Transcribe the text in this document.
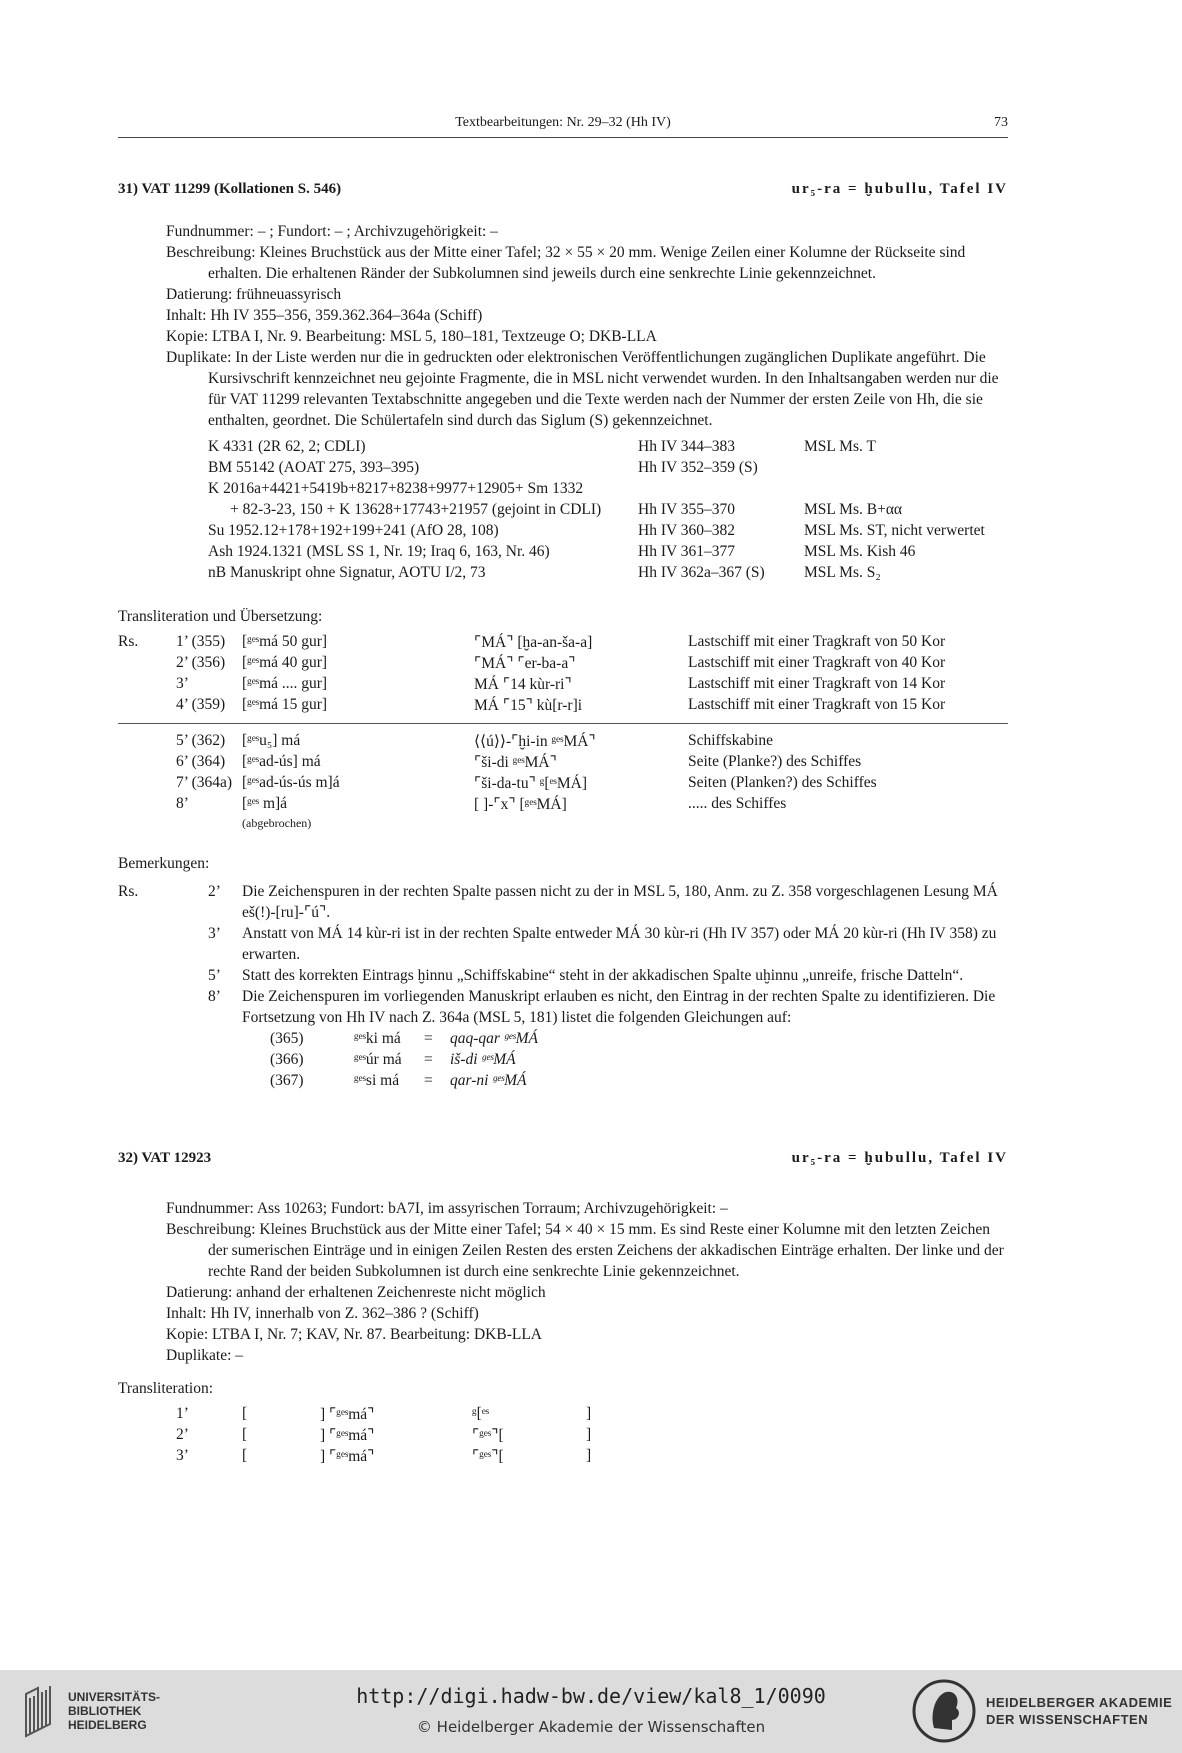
Textbearbeitungen: Nr. 29–32 (Hh IV)	73
31) VAT 11299 (Kollationen S. 546)	ur₅-ra = ḫubullu, Tafel IV

Fundnummer: – ; Fundort: – ; Archivzugehörigkeit: –

Beschreibung: Kleines Bruchstück aus der Mitte einer Tafel; 32 × 55 × 20 mm. Wenige Zeilen einer Kolumne der Rückseite sind erhalten. Die erhaltenen Ränder der Subkolumnen sind jeweils durch eine senkrechte Linie gekennzeichnet.

Datierung: frühneuassyrisch

Inhalt: Hh IV 355–356, 359.362.364–364a (Schiff)

Kopie: LTBA I, Nr. 9. Bearbeitung: MSL 5, 180–181, Textzeuge O; DKB-LLA

Duplikate: In der Liste werden nur die in gedruckten oder elektronischen Veröffentlichungen zugänglichen Duplikate angeführt. Die Kursivschrift kennzeichnet neu gejointe Fragmente, die in MSL nicht verwendet wurden. In den Inhaltsangaben werden nur die für VAT 11299 relevanten Textabschnitte angegeben und die Texte werden nach der Nummer der ersten Zeile von Hh, die sie enthalten, geordnet. Die Schülertafeln sind durch das Siglum (S) gekennzeichnet.

K 4331 (2R 62, 2; CDLI)	Hh IV 344–383	MSL Ms. T
BM 55142 (AOAT 275, 393–395)	Hh IV 352–359 (S)
K 2016a+4421+5419b+8217+8238+9977+12905+ Sm 1332
+ 82-3-23, 150 + K 13628+17743+21957 (gejoint in CDLI) Hh IV 355–370	MSL Ms. B+αα
Su 1952.12+178+192+199+241 (AfO 28, 108)	Hh IV 360–382	MSL Ms. ST, nicht verwertet
Ash 1924.1321 (MSL SS 1, Nr. 19; Iraq 6, 163, Nr. 46)	Hh IV 361–377	MSL Ms. Kish 46
nB Manuskript ohne Signatur, AOTU I/2, 73	Hh IV 362a–367 (S)	MSL Ms. S₂
Transliteration und Übersetzung:
Rs. 1’ (355) [ᵍᵉˢmá 50 gur]	⌜MÁ⌝ [ḫa-an-ša-a]	Lastschiff mit einer Tragkraft von 50 Kor
2’ (356) [ᵍᵉˢmá 40 gur]	⌜MÁ⌝ ⌜er-ba-a⌝	Lastschiff mit einer Tragkraft von 40 Kor
3’	[ᵍᵉˢmá .... gur]	MÁ ⌜14 kùr-ri⌝	Lastschiff mit einer Tragkraft von 14 Kor
4’ (359) [ᵍᵉˢmá 15 gur]	MÁ ⌜15⌝ kù[r-r]i	Lastschiff mit einer Tragkraft von 15 Kor
5’ (362) [ᵍᵉˢu₅] má	⟨⟨ú⟩⟩-⌜ḫi-in ᵍᵉˢMÁ⌝	Schiffskabine
6’ (364) [ᵍᵉˢad-ús] má	⌜ši-di ᵍᵉˢMÁ⌝	Seite (Planke?) des Schiffes
7’ (364a) [ᵍᵉˢad-ús-ús m]á	⌜ši-da-tu⌝ ᵍ[ᵉˢMÁ]	Seiten (Planken?) des Schiffes
8’	[ᵍᵉˢ m]á	[ ]-⌜x⌝ [ᵍᵉˢMÁ]	..... des Schiffes
(abgebrochen)
Bemerkungen:
Rs.	2’ Die Zeichenspuren in der rechten Spalte passen nicht zu der in MSL 5, 180, Anm. zu Z. 358 vorgeschlagenen Lesung MÁ eš(!)-[ru]-⌜ú⌝.
3’ Anstatt von MÁ 14 kùr-ri ist in der rechten Spalte entweder MÁ 30 kùr-ri (Hh IV 357) oder MÁ 20 kùr-ri (Hh IV 358) zu erwarten.
5’ Statt des korrekten Eintrags ḫinnu „Schiffskabine“ steht in der akkadischen Spalte uḫinnu „unreife, frische Datteln“.
8’ Die Zeichenspuren im vorliegenden Manuskript erlauben es nicht, den Eintrag in der rechten Spalte zu identifizieren. Die Fortsetzung von Hh IV nach Z. 364a (MSL 5, 181) listet die folgenden Gleichungen auf:
(365)	ᵍᵉˢki má = qaq-qar ᵍᵉˢMÁ
(366)	ᵍᵉˢúr má = iš-di ᵍᵉˢMÁ
(367)	ᵍᵉˢsi má = qar-ni ᵍᵉˢMÁ
32) VAT 12923	ur₅-ra = ḫubullu, Tafel IV

Fundnummer: Ass 10263; Fundort: bA7I, im assyrischen Torraum; Archivzugehörigkeit: –

Beschreibung: Kleines Bruchstück aus der Mitte einer Tafel; 54 × 40 × 15 mm. Es sind Reste einer Kolumne mit den letzten Zeichen der sumerischen Einträge und in einigen Zeilen Resten des ersten Zeichens der akkadischen Einträge erhalten. Der linke und der rechte Rand der beiden Subkolumnen ist durch eine senkrechte Linie gekennzeichnet.

Datierung: anhand der erhaltenen Zeichenreste nicht möglich

Inhalt: Hh IV, innerhalb von Z. 362–386 ? (Schiff)

Kopie: LTBA I, Nr. 7; KAV, Nr. 87. Bearbeitung: DKB-LLA

Duplikate: –

Transliteration:
1’	[	] ⌜ᵍᵉˢmá⌝	ᵍ[ᵉˢ	]
2’	[	] ⌜ᵍᵉˢmá⌝	⌜ᵍᵉˢ⌝[	]
3’	[	] ⌜ᵍᵉˢmá⌝	⌜ᵍᵉˢ⌝[	]
UNIVERSITÄTS-
BIBLIOTHEK
HEIDELBERG
http://digi.hadw-bw.de/view/kal8_1/0090
© Heidelberger Akademie der Wissenschaften
HEIDELBERGER AKADEMIE
DER WISSENSCHAFTEN
